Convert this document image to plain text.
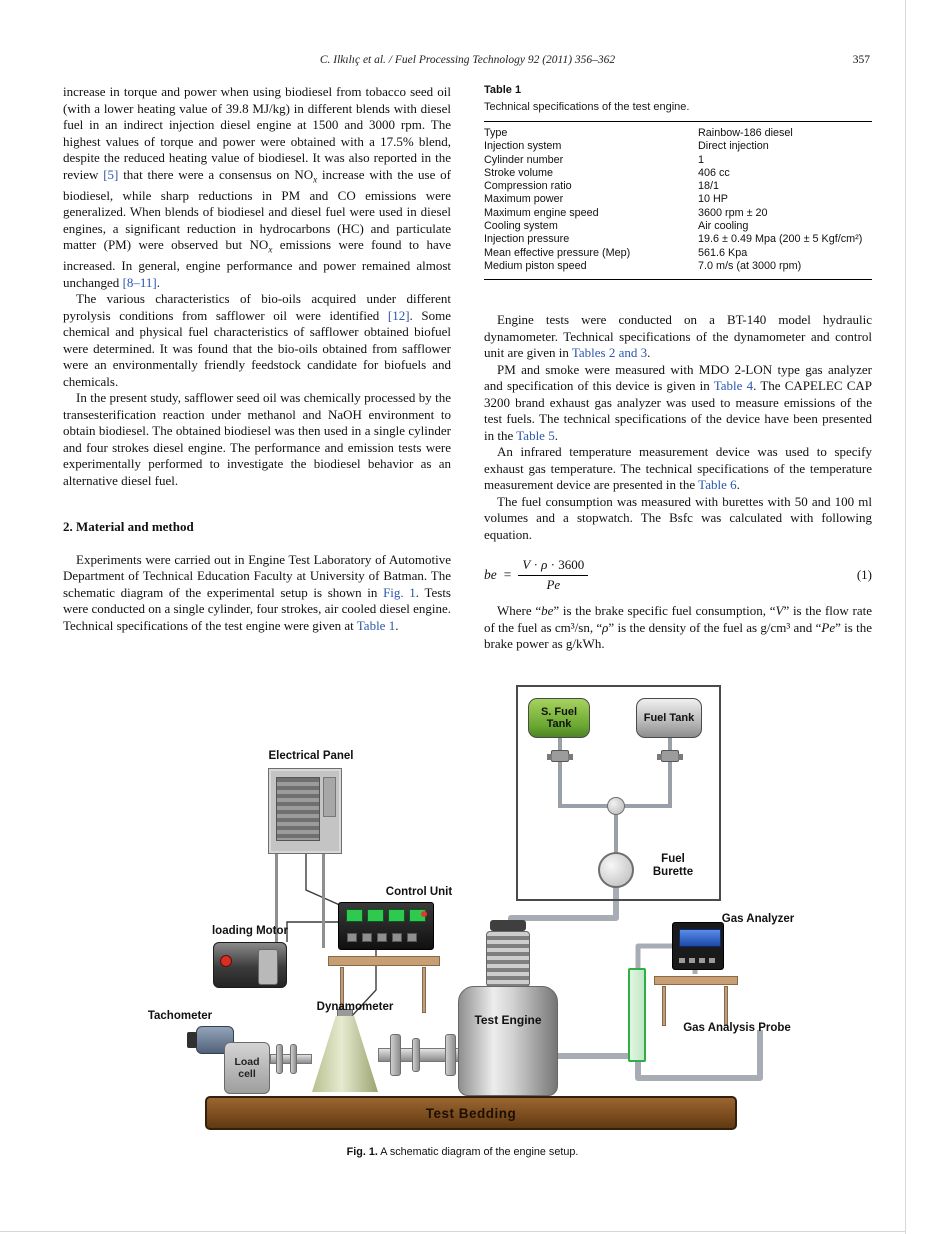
C. Ilkılıç et al. / Fuel Processing Technology 92 (2011) 356–362	357

increase in torque and power when using biodiesel from tobacco seed oil (with a lower heating value of 39.8 MJ/kg) in different blends with diesel fuel in an indirect injection diesel engine at 1500 and 3000 rpm. The highest values of torque and power were obtained with a 17.5% blend, despite the reduced heating value of biodiesel. It was also reported in the review [5] that there were a consensus on $NO_x$ increase with the use of biodiesel, while sharp reductions in PM and CO emissions were generalized. When blends of biodiesel and diesel fuel were used in diesel engines, a significant reduction in hydrocarbons (HC) and particulate matter (PM) were observed but $NO_x$ emissions were found to have increased. In general, engine performance and power remained almost unchanged [8–11].

The various characteristics of bio-oils acquired under different pyrolysis conditions from safflower oil were identified [12]. Some chemical and physical fuel characteristics of safflower obtained biofuel were determined. It was found that the bio-oils obtained from safflower were an environmentally friendly feedstock candidate for biofuels and chemicals.

In the present study, safflower seed oil was chemically processed by the transesterification reaction under methanol and NaOH environment to obtain biodiesel. The obtained biodiesel was then used in a single cylinder and four strokes diesel engine. The performance and emission tests were experimentally performed to investigate the biodiesel behavior as an alternative diesel fuel.

2. Material and method

Experiments were carried out in Engine Test Laboratory of Automotive Department of Technical Education Faculty at University of Batman. The schematic diagram of the experimental setup is shown in Fig. 1. Tests were conducted on a single cylinder, four strokes, air cooled diesel engine. Technical specifications of the test engine were given at Table 1.

Table 1
Technical specifications of the test engine.
Type	Rainbow-186 diesel
Injection system	Direct injection
Cylinder number	1
Stroke volume	406 cc
Compression ratio	18/1
Maximum power	10 HP
Maximum engine speed	3600 rpm ± 20
Cooling system	Air cooling
Injection pressure	19.6 ± 0.49 Mpa (200 ± 5 Kgf/cm²)
Mean effective pressure (Mep)	561.6 Kpa
Medium piston speed	7.0 m/s (at 3000 rpm)

Engine tests were conducted on a BT-140 model hydraulic dynamometer. Technical specifications of the dynamometer and control unit are given in Tables 2 and 3.

PM and smoke were measured with MDO 2-LON type gas analyzer and specification of this device is given in Table 4. The CAPELEC CAP 3200 brand exhaust gas analyzer was used to measure emissions of the test fuels. The technical specifications of the device have been presented in the Table 5.

An infrared temperature measurement device was used to specify exhaust gas temperature. The technical specifications of the temperature measurement device are presented in the Table 6.

The fuel consumption was measured with burettes with 50 and 100 ml volumes and a stopwatch. The Bsfc was calculated with following equation.

be = $\frac{V \cdot \rho \cdot 3600}{Pe}$	(1)

Where “be” is the brake specific fuel consumption, “V” is the flow rate of the fuel as cm³/sn, “ρ” is the density of the fuel as g/cm³ and “Pe” is the brake power as g/kWh.

S. Fuel Tank	Fuel Tank
Fuel Burette
Electrical Panel
Control Unit
loading Motor
Tachometer
Load cell
Dynamometer
Test Engine
Gas Analyzer
Gas Analysis Probe
Test Bedding
Fig. 1. A schematic diagram of the engine setup.
